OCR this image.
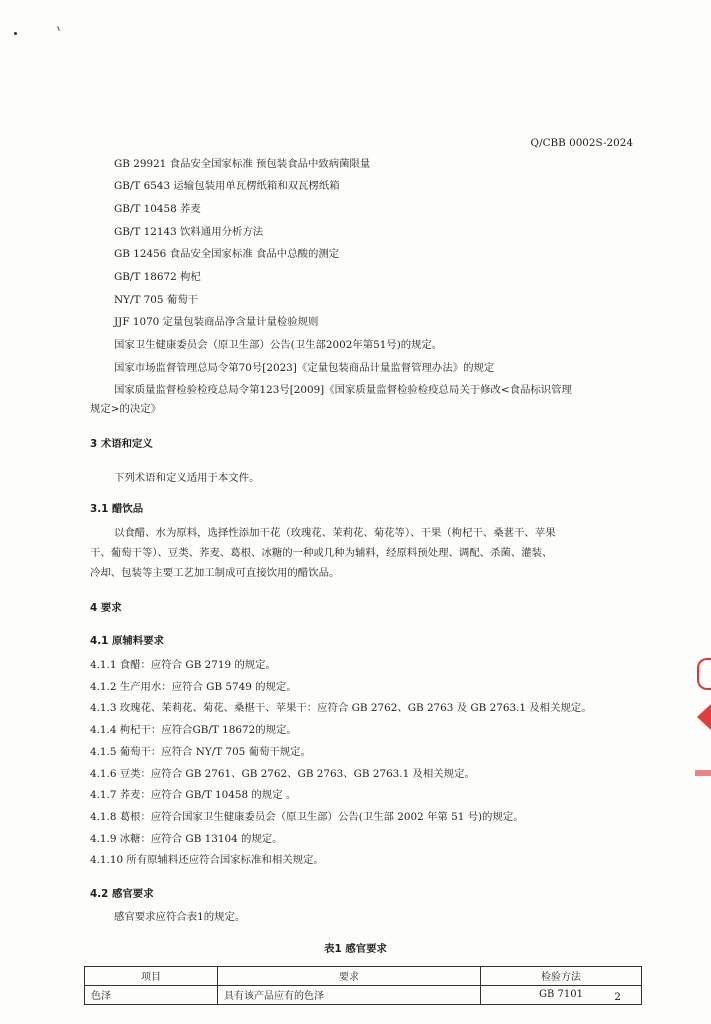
Q/CBB 0002S-2024
GB 29921 食品安全国家标准 预包装食品中致病菌限量
GB/T 6543 运输包装用单瓦楞纸箱和双瓦楞纸箱
GB/T 10458 荞麦
GB/T 12143 饮料通用分析方法
GB 12456 食品安全国家标准 食品中总酸的测定
GB/T 18672 枸杞
NY/T 705 葡萄干
JJF 1070 定量包装商品净含量计量检验规则
国家卫生健康委员会（原卫生部）公告(卫生部2002年第51号)的规定。
国家市场监督管理总局令第70号[2023]《定量包装商品计量监督管理办法》的规定
国家质量监督检验检疫总局令第123号[2009]《国家质量监督检验检疫总局关于修改<食品标识管理
规定>的决定》
3 术语和定义
下列术语和定义适用于本文件。
3.1 醋饮品
以食醋、水为原料，选择性添加干花（玫瑰花、茉莉花、菊花等）、干果（枸杞干、桑葚干、苹果
干、葡萄干等）、豆类、荞麦、葛根、冰糖的一种或几种为辅料，经原料预处理、调配、杀菌、灌装、
冷却、包装等主要工艺加工制成可直接饮用的醋饮品。
4 要求
4.1 原辅料要求
4.1.1 食醋：应符合 GB 2719 的规定。
4.1.2 生产用水：应符合 GB 5749 的规定。
4.1.3 玫瑰花、茉莉花、菊花、桑椹干、苹果干：应符合 GB 2762、GB 2763 及 GB 2763.1 及相关规定。
4.1.4 枸杞干：应符合GB/T 18672的规定。
4.1.5 葡萄干：应符合 NY/T 705 葡萄干规定。
4.1.6 豆类：应符合 GB 2761、GB 2762、GB 2763、GB 2763.1 及相关规定。
4.1.7 荞麦：应符合 GB/T 10458 的规定 。
4.1.8 葛根：应符合国家卫生健康委员会（原卫生部）公告(卫生部 2002 年第 51 号)的规定。
4.1.9 冰糖：应符合 GB 13104 的规定。
4.1.10 所有原辅料还应符合国家标准和相关规定。
4.2 感官要求
感官要求应符合表1的规定。
表1 感官要求
项目	要求	检验方法
色泽	具有该产品应有的色泽	GB 7101	2
